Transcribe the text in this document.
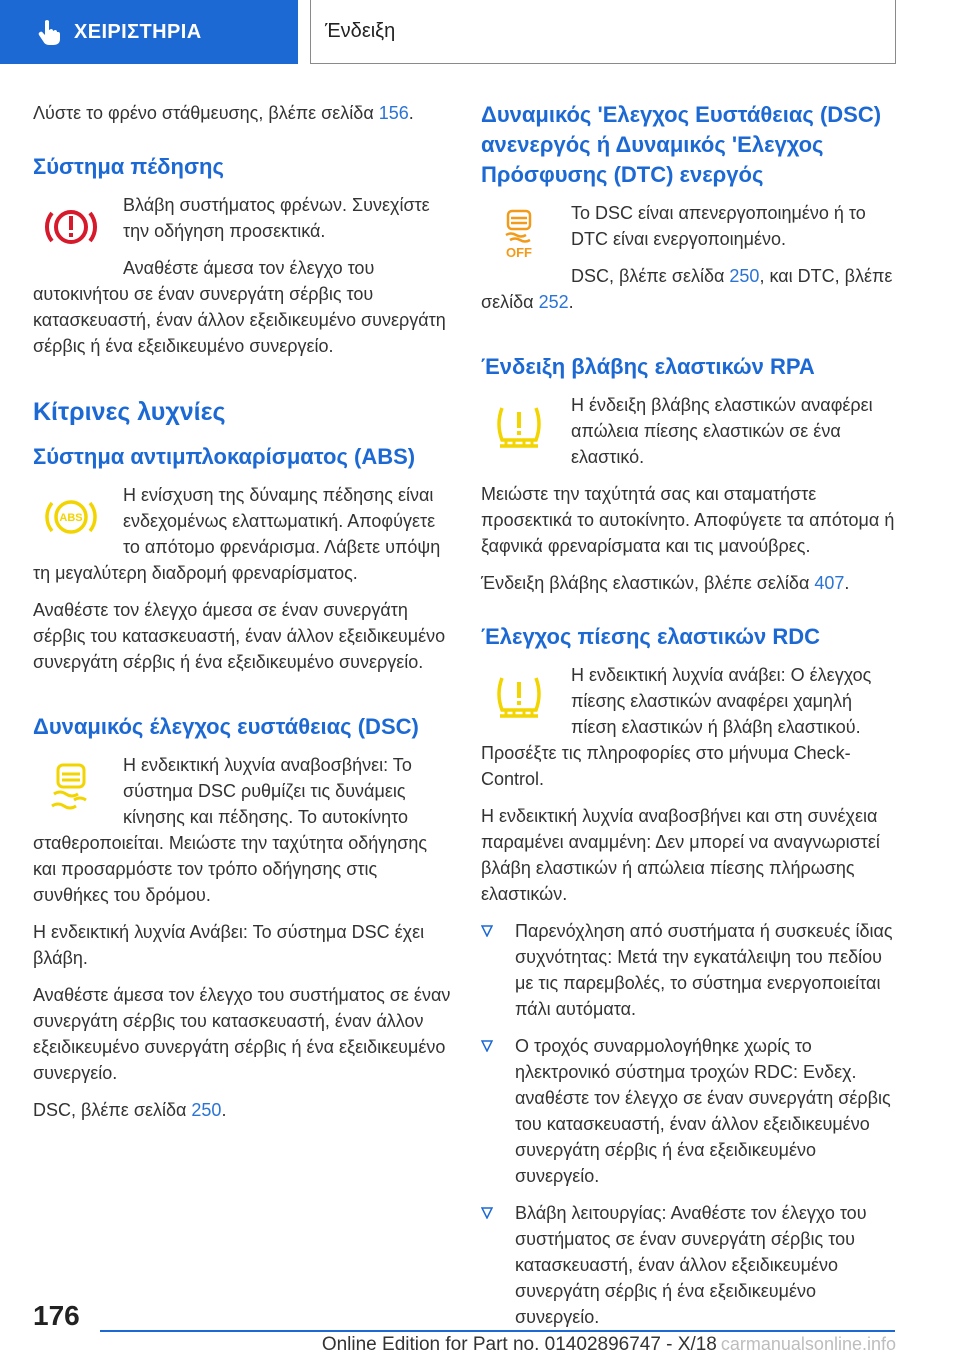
ΧΕΙΡΙΣΤΗΡΙΑ	Ένδειξη

Λύστε το φρένο στάθμευσης, βλέπε σελίδα 156.

Σύστημα πέδησης

Βλάβη συστήματος φρένων. Συνεχίστε την οδήγηση προσεκτικά.

Αναθέστε άμεσα τον έλεγχο του αυτοκινήτου σε έναν συνεργάτη σέρβις του κατασκευαστή, έναν άλλον εξειδικευμένο συνεργάτη σέρβις ή ένα εξειδικευμένο συνεργείο.

Κίτρινες λυχνίες
Σύστημα αντιμπλοκαρίσματος (ABS)
ABS

Η ενίσχυση της δύναμης πέδησης είναι ενδεχομένως ελαττωματική. Αποφύγετε το απότομο φρενάρισμα. Λάβετε υπόψη τη μεγαλύτερη διαδρομή φρεναρίσματος.

Αναθέστε τον έλεγχο άμεσα σε έναν συνεργάτη σέρβις του κατασκευαστή, έναν άλλον εξειδικευμένο συνεργάτη σέρβις ή ένα εξειδικευμένο συνεργείο.

Δυναμικός έλεγχος ευστάθειας (DSC)

Η ενδεικτική λυχνία αναβοσβήνει: Το σύστημα DSC ρυθμίζει τις δυνάμεις κίνησης και πέδησης. Το αυτοκίνητο σταθεροποιείται. Μειώστε την ταχύτητα οδήγησης και προσαρμόστε τον τρόπο οδήγησης στις συνθήκες του δρόμου.

Η ενδεικτική λυχνία Ανάβει: Το σύστημα DSC έχει βλάβη.

Αναθέστε άμεσα τον έλεγχο του συστήματος σε έναν συνεργάτη σέρβις του κατασκευαστή, έναν άλλον εξειδικευμένο συνεργάτη σέρβις ή ένα εξειδικευμένο συνεργείο.

DSC, βλέπε σελίδα 250.

Δυναμικός 'Ελεγχος Ευστάθειας (DSC) ανενεργός ή Δυναμικός 'Ελεγχος Πρόσφυσης (DTC) ενεργός
OFF

Το DSC είναι απενεργοποιημένο ή το DTC είναι ενεργοποιημένο.

DSC, βλέπε σελίδα 250, και DTC, βλέπε σελίδα 252.

Ένδειξη βλάβης ελαστικών RPA

Η ένδειξη βλάβης ελαστικών αναφέρει απώλεια πίεσης ελαστικών σε ένα ελαστικό.

Μειώστε την ταχύτητά σας και σταματήστε προσεκτικά το αυτοκίνητο. Αποφύγετε τα απότομα ή ξαφνικά φρεναρίσματα και τις μανούβρες.

Ένδειξη βλάβης ελαστικών, βλέπε σελίδα 407.

Έλεγχος πίεσης ελαστικών RDC

Η ενδεικτική λυχνία ανάβει: Ο έλεγχος πίεσης ελαστικών αναφέρει χαμηλή πίεση ελαστικών ή βλάβη ελαστικού. Προσέξτε τις πληροφορίες στο μήνυμα Check-Control.

Η ενδεικτική λυχνία αναβοσβήνει και στη συνέχεια παραμένει αναμμένη: Δεν μπορεί να αναγνωριστεί βλάβη ελαστικών ή απώλεια πίεσης πλήρωσης ελαστικών.

Παρενόχληση από συστήματα ή συσκευές ίδιας συχνότητας: Μετά την εγκατάλειψη του πεδίου με τις παρεμβολές, το σύστημα ενεργοποιείται πάλι αυτόματα.
Ο τροχός συναρμολογήθηκε χωρίς το ηλεκτρονικό σύστημα τροχών RDC: Ενδεχ. αναθέστε τον έλεγχο σε έναν συνεργάτη σέρβις του κατασκευαστή, έναν άλλον εξειδικευμένο συνεργάτη σέρβις ή ένα εξειδικευμένο συνεργείο.
Βλάβη λειτουργίας: Αναθέστε τον έλεγχο του συστήματος σε έναν συνεργάτη σέρβις του κατασκευαστή, έναν άλλον εξειδικευμένο συνεργάτη σέρβις ή ένα εξειδικευμένο συνεργείο.
176
Online Edition for Part no. 01402896747 - X/18 carmanualsonline.info
